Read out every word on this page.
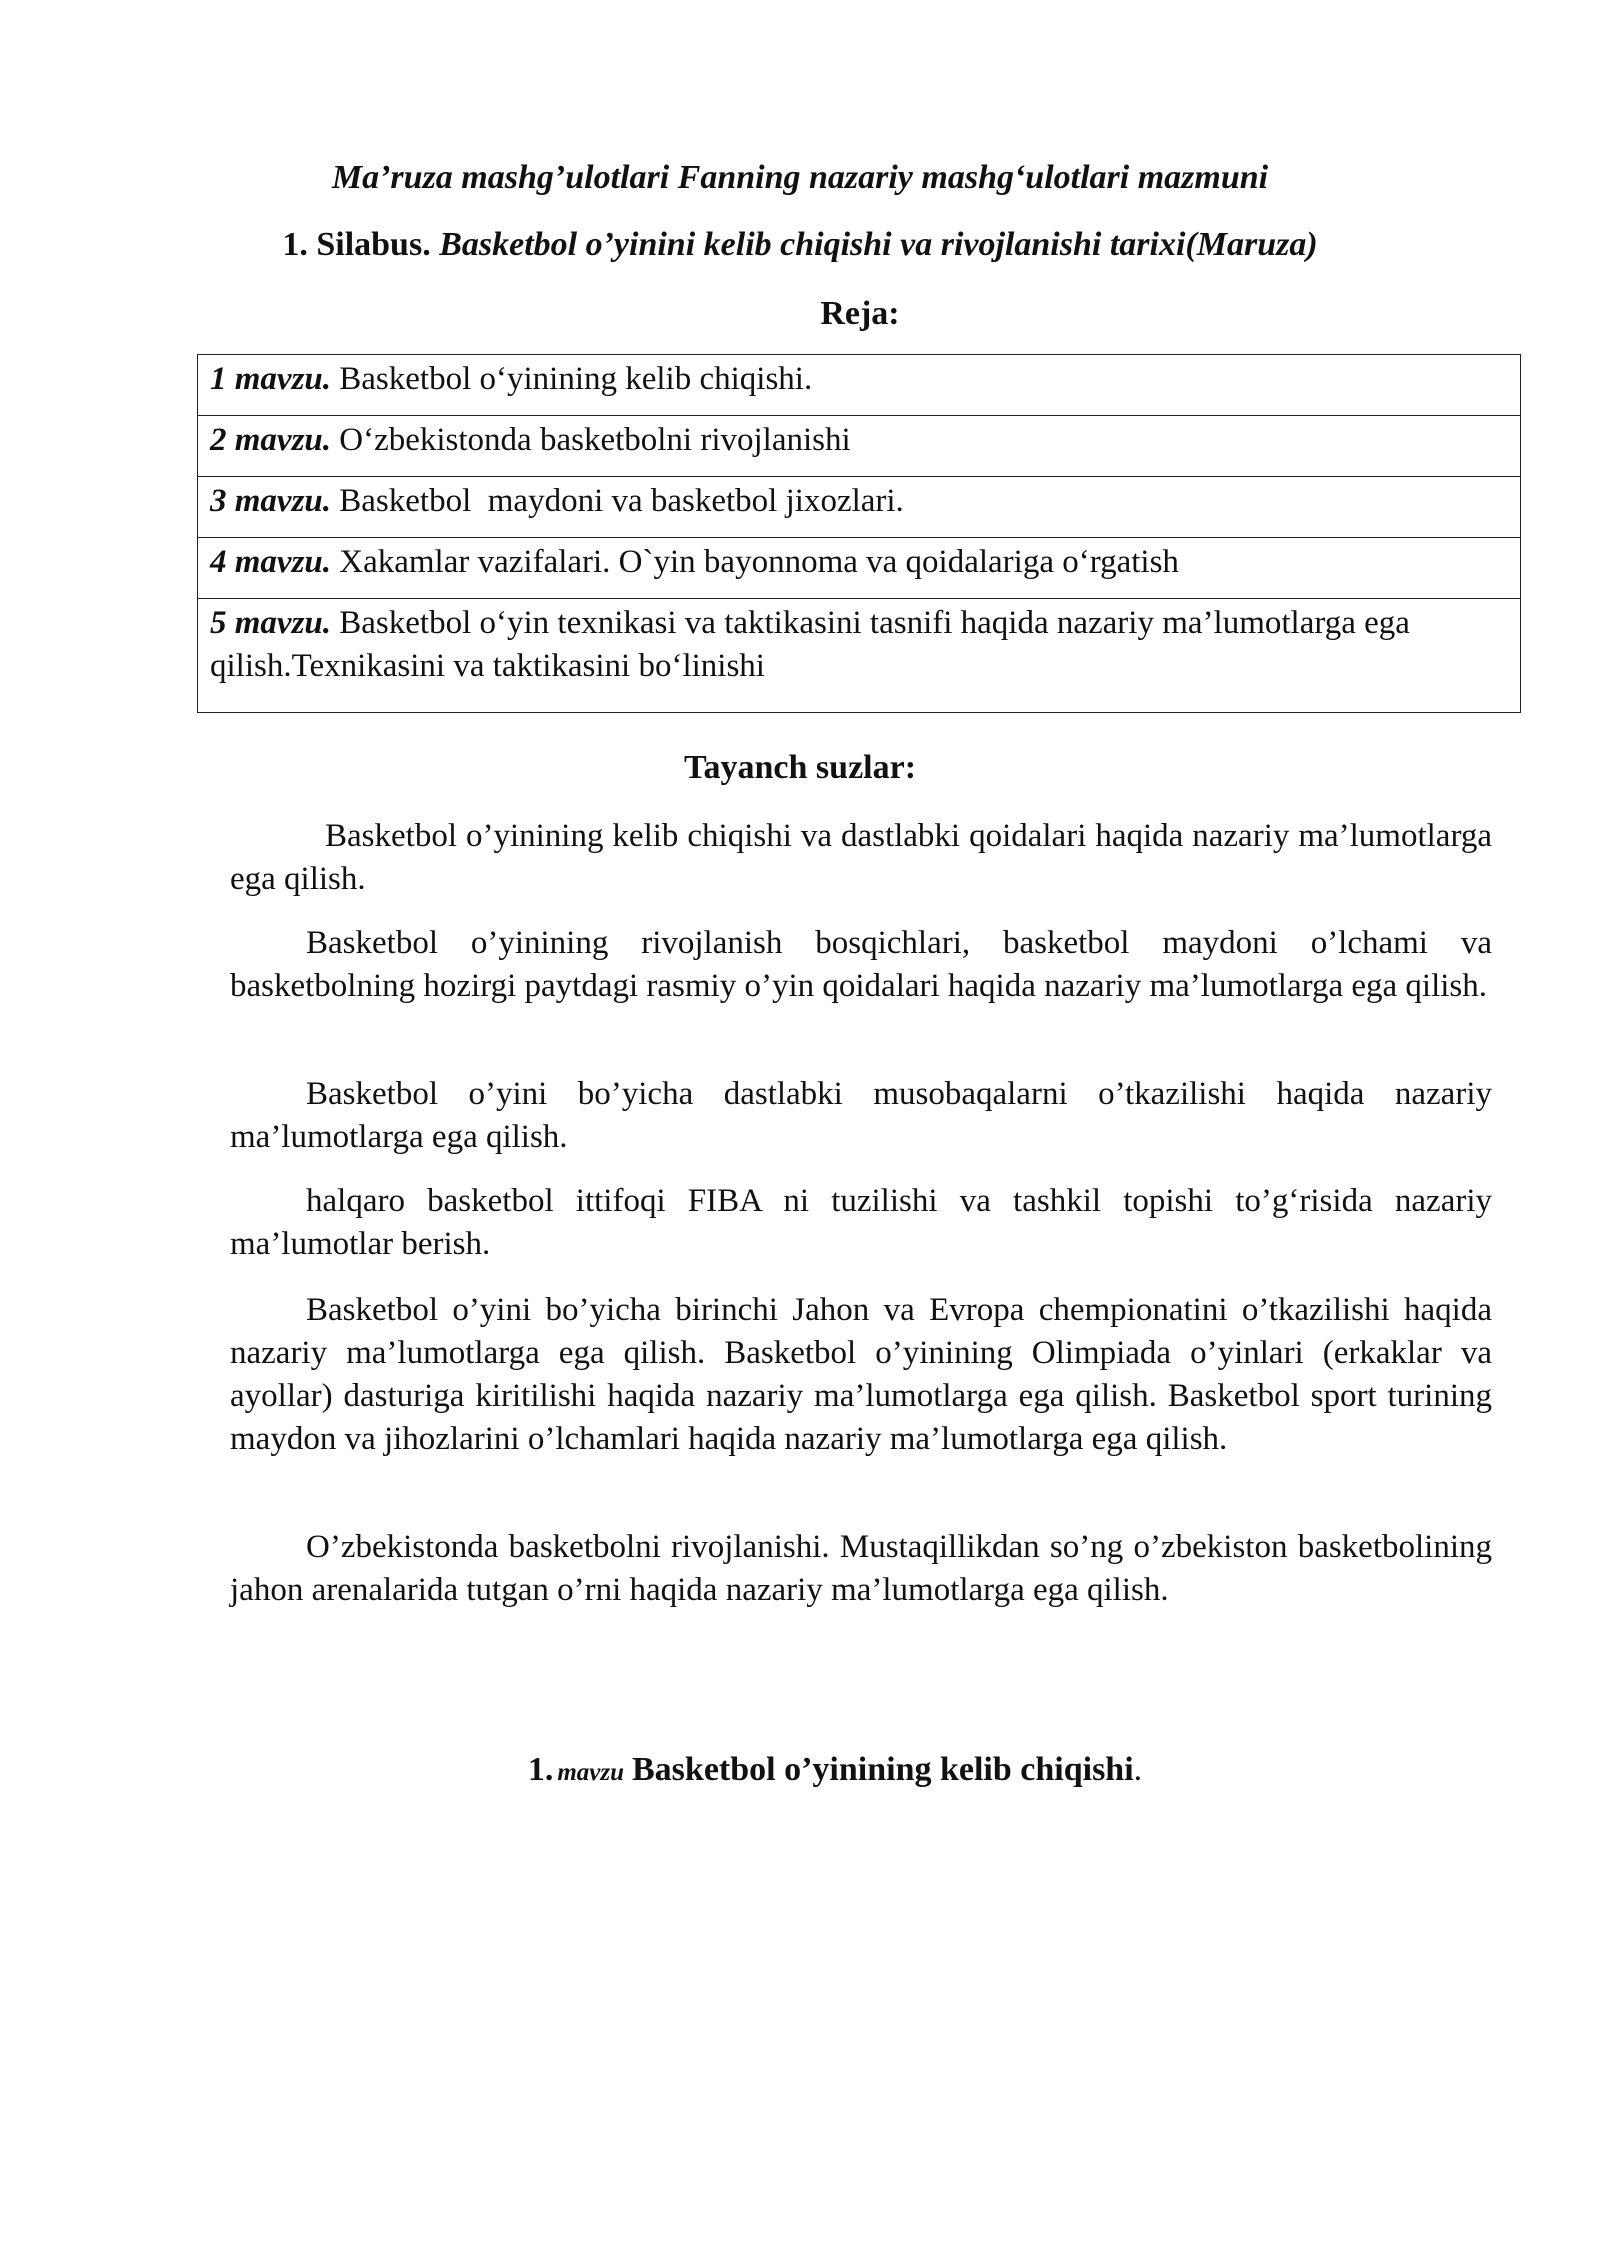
Ma’ruza mashg’ulotlari Fanning nazariy mashg‘ulotlari mazmuni
1. Silabus. Basketbol o’yinini kelib chiqishi va rivojlanishi tarixi(Maruza)
Reja:
1 mavzu. Basketbol o‘yinining kelib chiqishi.
2 mavzu. O‘zbekistonda basketbolni rivojlanishi
3 mavzu. Basketbol  maydoni va basketbol jixozlari.
4 mavzu. Xakamlar vazifalari. O`yin bayonnoma va qoidalariga o‘rgatish
5 mavzu. Basketbol o‘yin texnikasi va taktikasini tasnifi haqida nazariy ma’lumotlarga ega qilish.Texnikasini va taktikasini bo‘linishi
Tayanch suzlar:
Basketbol o’yinining kelib chiqishi va dastlabki qoidalari haqida nazariy ma’lumotlarga ega qilish.
Basketbol o’yinining rivojlanish bosqichlari, basketbol maydoni o’lchami va basketbolning hozirgi paytdagi rasmiy o’yin qoidalari haqida nazariy ma’lumotlarga ega qilish.
Basketbol o’yini bo’yicha dastlabki musobaqalarni o’tkazilishi haqida nazariy ma’lumotlarga ega qilish.
halqaro basketbol ittifoqi FIBA ni tuzilishi va tashkil topishi to’g‘risida nazariy ma’lumotlar berish.
Basketbol o’yini bo’yicha birinchi Jahon va Evropa chempionatini o’tkazilishi haqida nazariy ma’lumotlarga ega qilish. Basketbol o’yinining Olimpiada o’yinlari (erkaklar va ayollar) dasturiga kiritilishi haqida nazariy ma’lumotlarga ega qilish. Basketbol sport turining maydon va jihozlarini o’lchamlari haqida nazariy ma’lumotlarga ega qilish.
O’zbekistonda basketbolni rivojlanishi. Mustaqillikdan so’ng o’zbekiston basketbolining jahon arenalarida tutgan o’rni haqida nazariy ma’lumotlarga ega qilish.
1. mavzu Basketbol o’yinining kelib chiqishi.
